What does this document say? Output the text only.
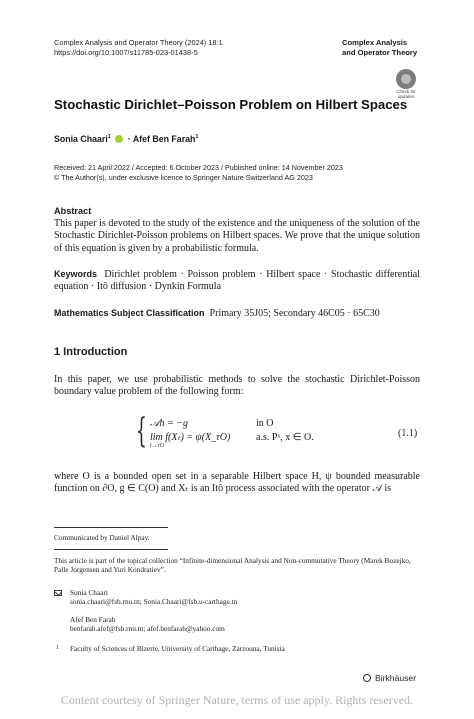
Complex Analysis and Operator Theory (2024) 18:1
https://doi.org/10.1007/s11785-023-01438-5
Complex Analysis
and Operator Theory
Check for
updates
Stochastic Dirichlet–Poisson Problem on Hilbert Spaces
Sonia Chaari$^1$ · Afef Ben Farah$^1$
Received: 21 April 2022 / Accepted: 6 October 2023 / Published online: 14 November 2023
© The Author(s), under exclusive licence to Springer Nature Switzerland AG 2023
Abstract
This paper is devoted to the study of the existence and the uniqueness of the solution of the Stochastic Dirichlet-Poisson problems on Hilbert spaces. We prove that the unique solution of this equation is given by a probabilistic formula.
Keywords Dirichlet problem · Poisson problem · Hilbert space · Stochastic differential equation · Itô diffusion · Dynkin Formula
Mathematics Subject Classification Primary 35J05; Secondary 46C05 · 65C30
1 Introduction
In this paper, we use probabilistic methods to solve the stochastic Dirichlet-Poisson boundary value problem of the following form:
{ 𝒜h = −g
lim f(Xₜ) = ψ(X_τO)
t→τO
in O
a.s. Pˣ, x ∈ O.	(1.1)
where O is a bounded open set in a separable Hilbert space H, ψ bounded measurable function on ∂O, g ∈ C(O) and Xₜ is an Itô process associated with the operator 𝒜 is
Communicated by Daniel Alpay.
This article is part of the topical collection “Infinite-dimensional Analysis and Non-commutative Theory (Marek Bozejko, Palle Jorgensen and Yuri Kondratiev”.
Sonia Chaari
sonia.chaari@fsb.rnu.tn; Sonia.Chaari@fsb.u-carthage.tn
Afef Ben Farah
benfarah.afef@fsb.rnu.tn; afef.benfarah@yahoo.com
1 Faculty of Sciences of Bizerte, University of Carthage, Zarzouna, Tunisia
Birkhäuser
Content courtesy of Springer Nature, terms of use apply. Rights reserved.
